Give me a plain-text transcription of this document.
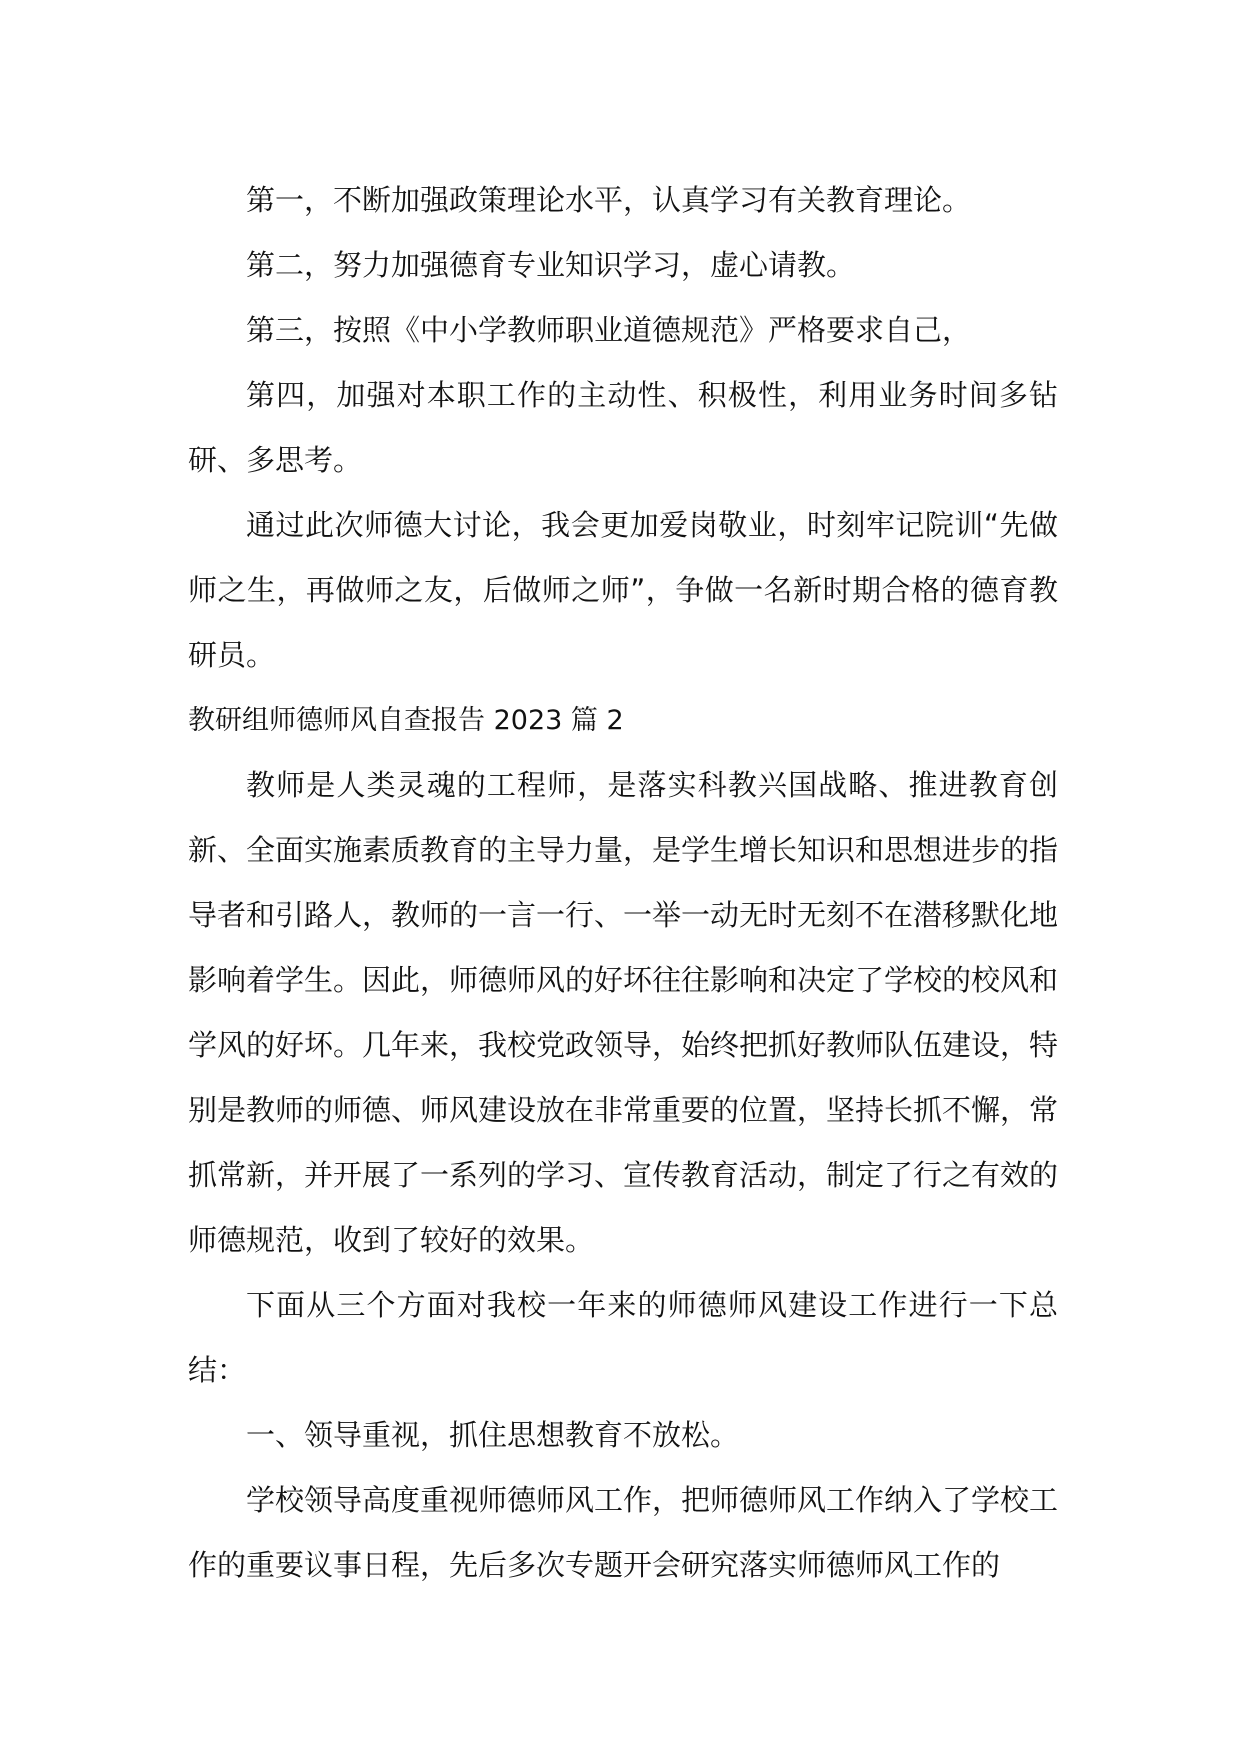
第一，不断加强政策理论水平，认真学习有关教育理论。

第二，努力加强德育专业知识学习，虚心请教。

第三，按照《中小学教师职业道德规范》严格要求自己，

第四，加强对本职工作的主动性、积极性，利用业务时间多钻研、多思考。

通过此次师德大讨论，我会更加爱岗敬业，时刻牢记院训“先做师之生，再做师之友，后做师之师”，争做一名新时期合格的德育教研员。

教研组师德师风自查报告 2023 篇 2

教师是人类灵魂的工程师，是落实科教兴国战略、推进教育创新、全面实施素质教育的主导力量，是学生增长知识和思想进步的指导者和引路人，教师的一言一行、一举一动无时无刻不在潜移默化地影响着学生。因此，师德师风的好坏往往影响和决定了学校的校风和学风的好坏。几年来，我校党政领导，始终把抓好教师队伍建设，特别是教师的师德、师风建设放在非常重要的位置，坚持长抓不懈，常抓常新，并开展了一系列的学习、宣传教育活动，制定了行之有效的师德规范，收到了较好的效果。

下面从三个方面对我校一年来的师德师风建设工作进行一下总结：

一、领导重视，抓住思想教育不放松。

学校领导高度重视师德师风工作，把师德师风工作纳入了学校工作的重要议事日程，先后多次专题开会研究落实师德师风工作的
